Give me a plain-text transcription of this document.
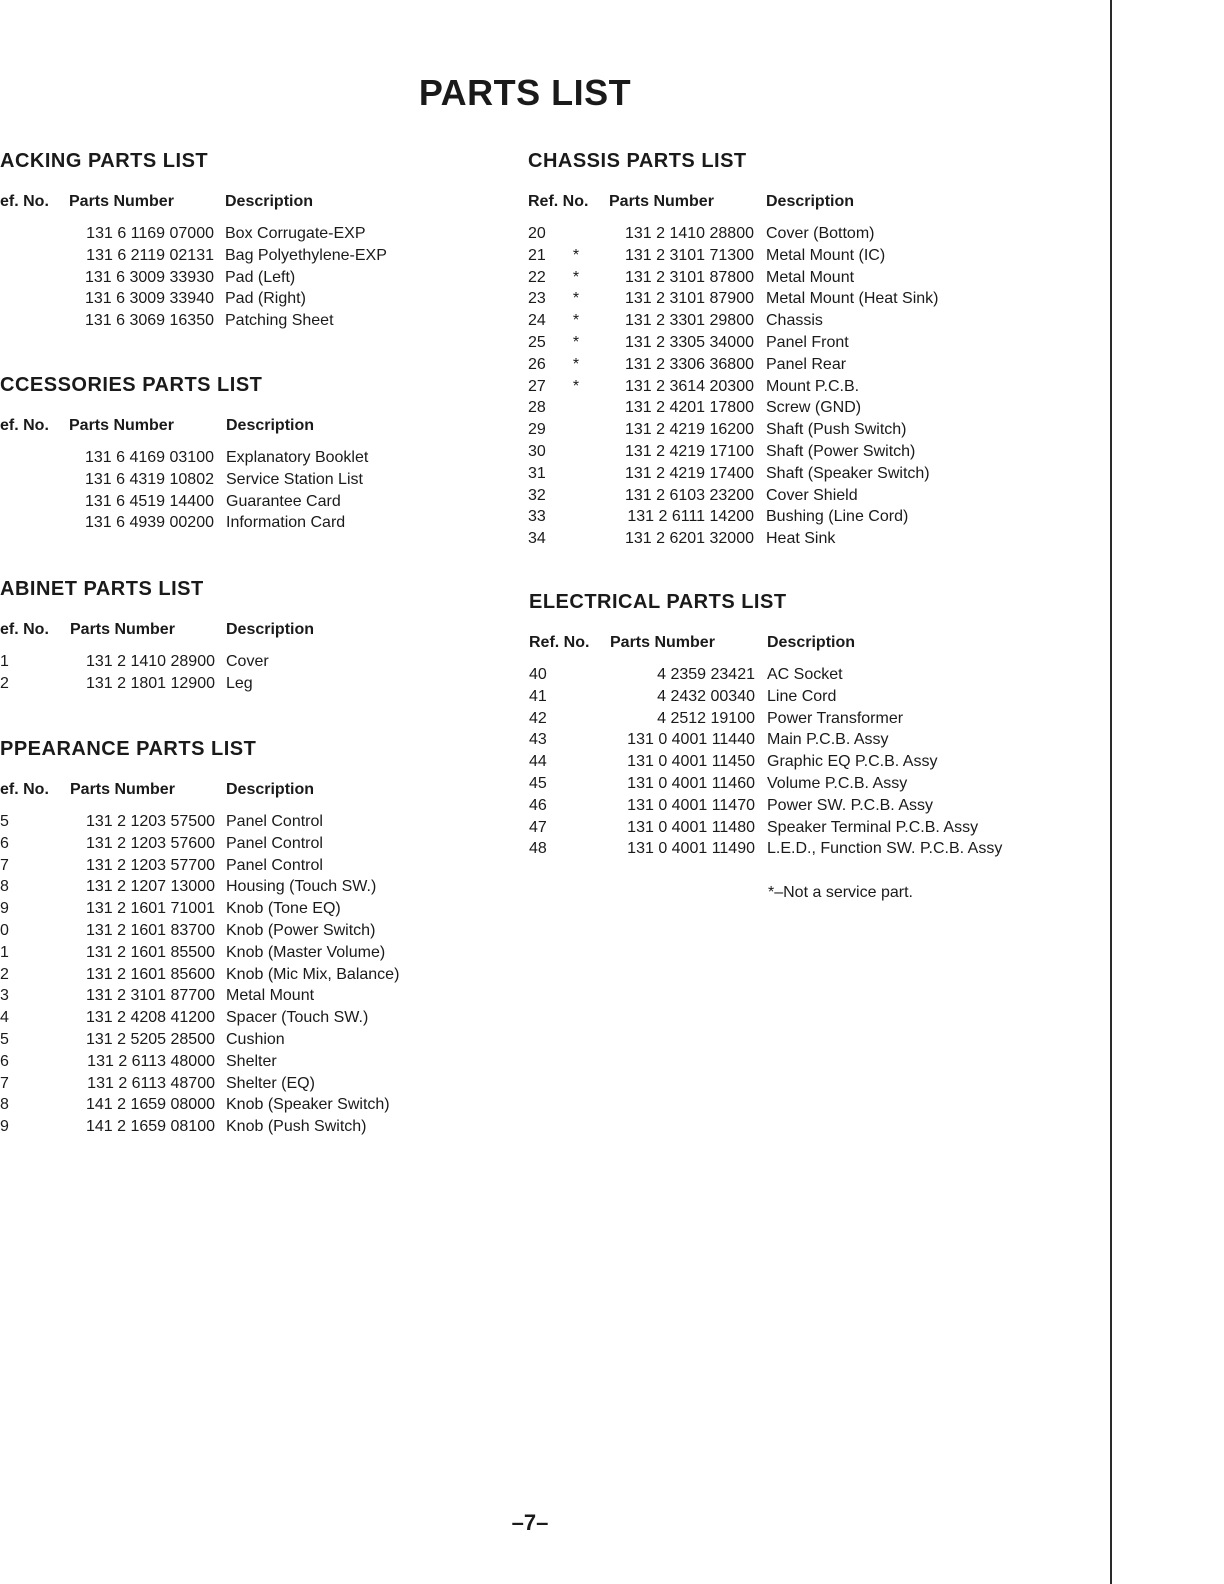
PARTS LIST
ACKING PARTS LIST
ef. No. Parts Number	Description
131 6 1169 07000 Box Corrugate-EXP
131 6 2119 02131 Bag Polyethylene-EXP
131 6 3009 33930 Pad (Left)
131 6 3009 33940 Pad (Right)
131 6 3069 16350 Patching Sheet
CCESSORIES PARTS LIST
ef. No. Parts Number	Description
131 6 4169 03100 Explanatory Booklet
131 6 4319 10802 Service Station List
131 6 4519 14400 Guarantee Card
131 6 4939 00200 Information Card
ABINET PARTS LIST
ef. No. Parts Number	Description
1	131 2 1410 28900 Cover
2	131 2 1801 12900 Leg
PPEARANCE PARTS LIST
ef. No. Parts Number	Description
5	131 2 1203 57500 Panel Control
6	131 2 1203 57600 Panel Control
7	131 2 1203 57700 Panel Control
8	131 2 1207 13000 Housing (Touch SW.)
9	131 2 1601 71001 Knob (Tone EQ)
0	131 2 1601 83700 Knob (Power Switch)
1	131 2 1601 85500 Knob (Master Volume)
2	131 2 1601 85600 Knob (Mic Mix, Balance)
3	131 2 3101 87700 Metal Mount
4	131 2 4208 41200 Spacer (Touch SW.)
5	131 2 5205 28500 Cushion
6	131 2 6113 48000 Shelter
7	131 2 6113 48700 Shelter (EQ)
8	141 2 1659 08000 Knob (Speaker Switch)
9	141 2 1659 08100 Knob (Push Switch)
CHASSIS PARTS LIST
Ref. No. Parts Number	Description
20	131 2 1410 28800 Cover (Bottom)
21 *	131 2 3101 71300 Metal Mount (IC)
22 *	131 2 3101 87800 Metal Mount
23 *	131 2 3101 87900 Metal Mount (Heat Sink)
24 *	131 2 3301 29800 Chassis
25 *	131 2 3305 34000 Panel Front
26 *	131 2 3306 36800 Panel Rear
27 *	131 2 3614 20300 Mount P.C.B.
28	131 2 4201 17800 Screw (GND)
29	131 2 4219 16200 Shaft (Push Switch)
30	131 2 4219 17100 Shaft (Power Switch)
31	131 2 4219 17400 Shaft (Speaker Switch)
32	131 2 6103 23200 Cover Shield
33	131 2 6111 14200 Bushing (Line Cord)
34	131 2 6201 32000 Heat Sink
ELECTRICAL PARTS LIST
Ref. No. Parts Number	Description
40	4 2359 23421 AC Socket
41	4 2432 00340 Line Cord
42	4 2512 19100 Power Transformer
43	131 0 4001 11440 Main P.C.B. Assy
44	131 0 4001 11450 Graphic EQ P.C.B. Assy
45	131 0 4001 11460 Volume P.C.B. Assy
46	131 0 4001 11470 Power SW. P.C.B. Assy
47	131 0 4001 11480 Speaker Terminal P.C.B. Assy
48	131 0 4001 11490 L.E.D., Function SW. P.C.B. Assy
*–Not a service part.
–7–
